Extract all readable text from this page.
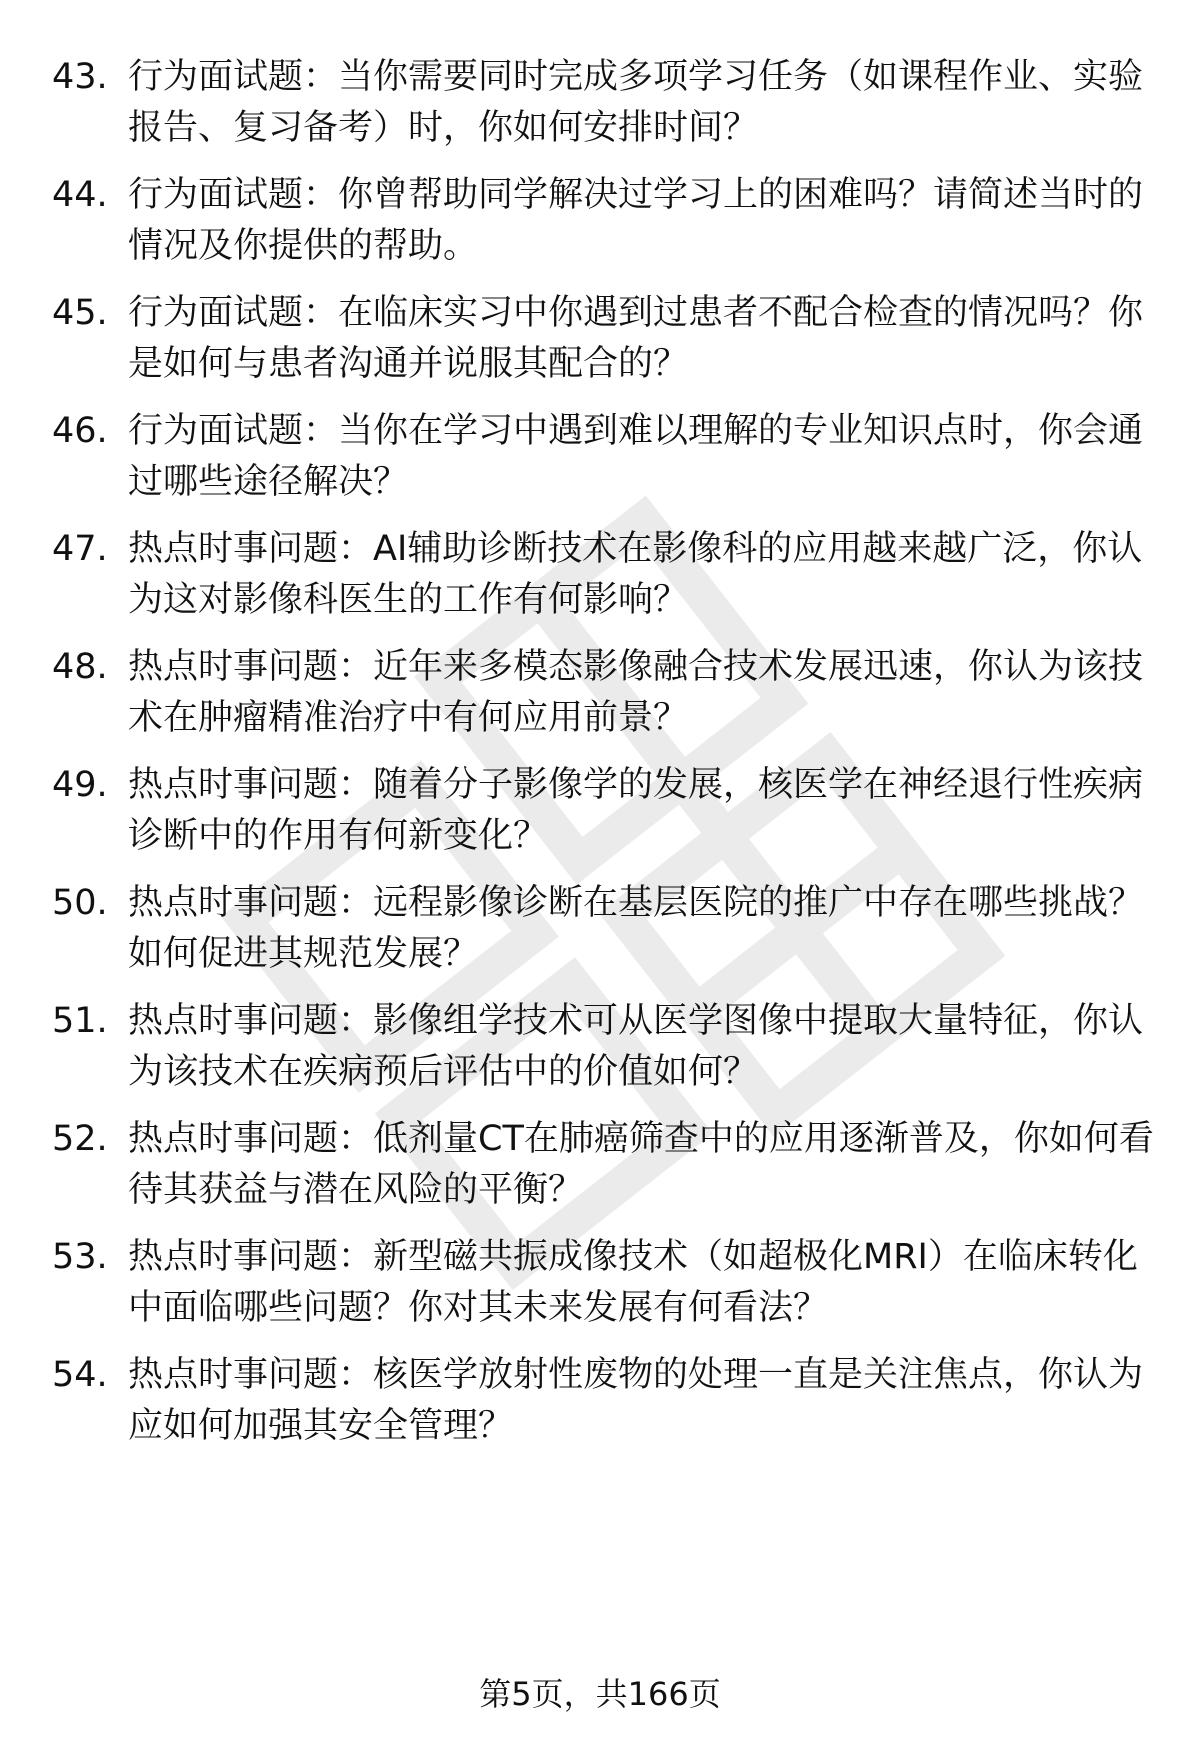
43. 行为面试题：当你需要同时完成多项学习任务（如课程作业、实验报告、复习备考）时，你如何安排时间？
44. 行为面试题：你曾帮助同学解决过学习上的困难吗？请简述当时的情况及你提供的帮助。
45. 行为面试题：在临床实习中你遇到过患者不配合检查的情况吗？你是如何与患者沟通并说服其配合的？
46. 行为面试题：当你在学习中遇到难以理解的专业知识点时，你会通过哪些途径解决？
47. 热点时事问题：AI辅助诊断技术在影像科的应用越来越广泛，你认为这对影像科医生的工作有何影响？
48. 热点时事问题：近年来多模态影像融合技术发展迅速，你认为该技术在肿瘤精准治疗中有何应用前景？
49. 热点时事问题：随着分子影像学的发展，核医学在神经退行性疾病诊断中的作用有何新变化？
50. 热点时事问题：远程影像诊断在基层医院的推广中存在哪些挑战？如何促进其规范发展？
51. 热点时事问题：影像组学技术可从医学图像中提取大量特征，你认为该技术在疾病预后评估中的价值如何？
52. 热点时事问题：低剂量CT在肺癌筛查中的应用逐渐普及，你如何看待其获益与潜在风险的平衡？
53. 热点时事问题：新型磁共振成像技术（如超极化MRI）在临床转化中面临哪些问题？你对其未来发展有何看法？
54. 热点时事问题：核医学放射性废物的处理一直是关注焦点，你认为应如何加强其安全管理？
第5页，共166页
